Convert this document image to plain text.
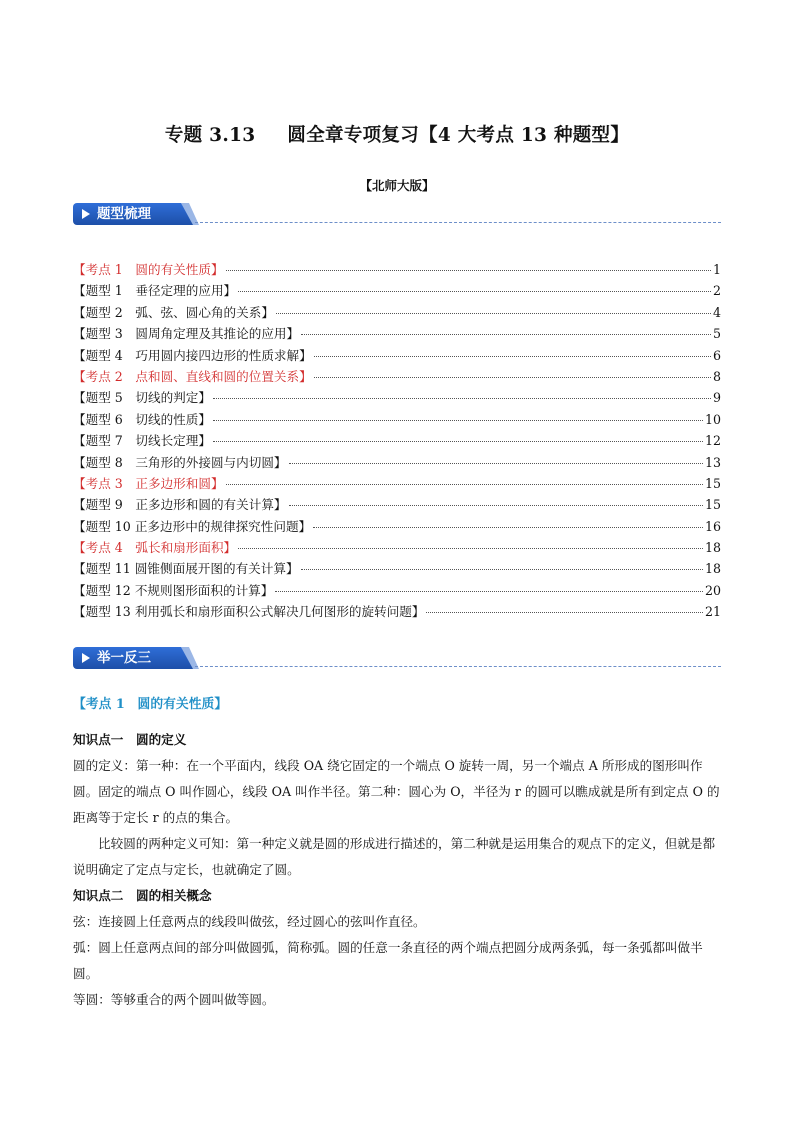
专题 3.13 圆全章专项复习【4 大考点 13 种题型】
【北师大版】
题型梳理
【考点 1　圆的有关性质】	1
【题型 1　垂径定理的应用】	2
【题型 2　弧、弦、圆心角的关系】	4
【题型 3　圆周角定理及其推论的应用】	5
【题型 4　巧用圆内接四边形的性质求解】	6
【考点 2　点和圆、直线和圆的位置关系】	8
【题型 5　切线的判定】	9
【题型 6　切线的性质】	10
【题型 7　切线长定理】	12
【题型 8　三角形的外接圆与内切圆】	13
【考点 3　正多边形和圆】	15
【题型 9　正多边形和圆的有关计算】	15
【题型 10 正多边形中的规律探究性问题】	16
【考点 4　弧长和扇形面积】	18
【题型 11 圆锥侧面展开图的有关计算】	18
【题型 12 不规则图形面积的计算】	20
【题型 13 利用弧长和扇形面积公式解决几何图形的旋转问题】	21
举一反三
【考点 1　圆的有关性质】

知识点一　圆的定义

圆的定义：第一种：在一个平面内，线段 OA 绕它固定的一个端点 O 旋转一周，另一个端点 A 所形成的图形叫作圆。固定的端点 O 叫作圆心，线段 OA 叫作半径。第二种：圆心为 O，半径为 r 的圆可以瞧成就是所有到定点 O 的距离等于定长 r 的点的集合。

比较圆的两种定义可知：第一种定义就是圆的形成进行描述的，第二种就是运用集合的观点下的定义，但就是都说明确定了定点与定长，也就确定了圆。

知识点二　圆的相关概念

弦：连接圆上任意两点的线段叫做弦，经过圆心的弦叫作直径。

弧：圆上任意两点间的部分叫做圆弧，简称弧。圆的任意一条直径的两个端点把圆分成两条弧，每一条弧都叫做半圆。

等圆：等够重合的两个圆叫做等圆。
